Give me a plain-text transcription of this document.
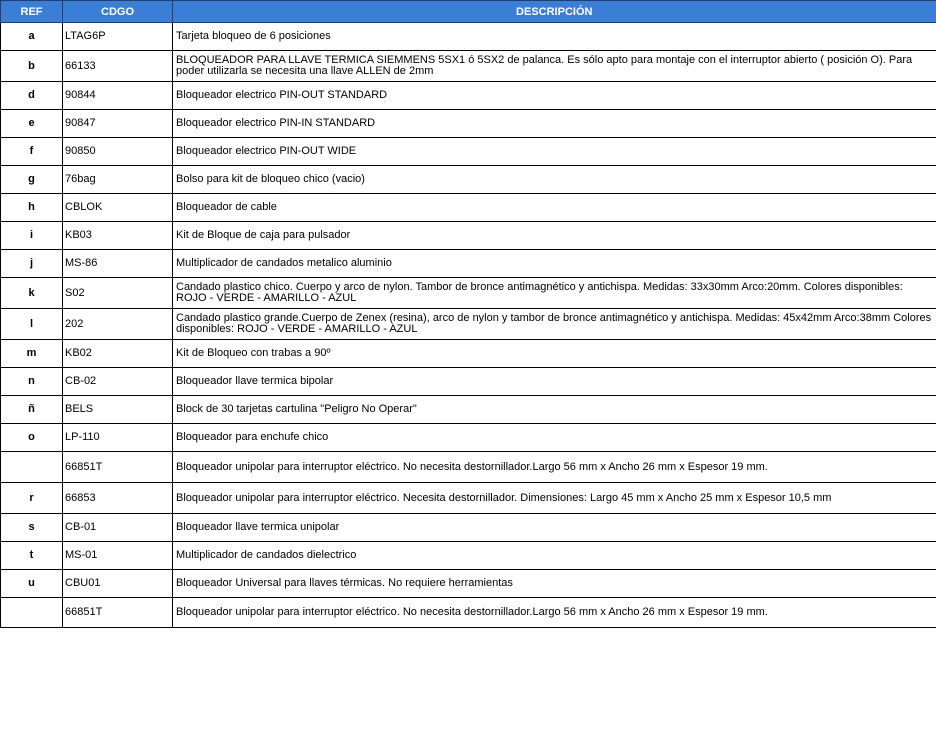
REF	CDGO	DESCRIPCIÓN
a	LTAG6P	Tarjeta bloqueo de 6 posiciones
b	66133	BLOQUEADOR PARA LLAVE TERMICA SIEMMENS 5SX1 ó 5SX2 de palanca. Es sólo apto para montaje con el interruptor abierto ( posición O). Para poder utilizarla se necesita una llave ALLEN de 2mm
d	90844	Bloqueador electrico PIN-OUT STANDARD
e	90847	Bloqueador electrico PIN-IN STANDARD
f	90850	Bloqueador electrico PIN-OUT WIDE
g	76bag	Bolso para kit de bloqueo chico (vacio)
h	CBLOK	Bloqueador de cable
i	KB03	Kit de Bloque de caja para pulsador
j	MS-86	Multiplicador de candados metalico aluminio
k	S02	Candado plastico chico. Cuerpo y arco de nylon. Tambor de bronce antimagnético y antichispa. Medidas: 33x30mm Arco:20mm. Colores disponibles: ROJO - VERDE - AMARILLO - AZUL
l	202	Candado plastico grande.Cuerpo de Zenex (resina), arco de nylon y tambor de bronce antimagnético y antichispa. Medidas: 45x42mm Arco:38mm Colores disponibles: ROJO - VERDE - AMARILLO - AZUL
m	KB02	Kit de Bloqueo con trabas a 90º
n	CB-02	Bloqueador llave termica bipolar
ñ	BELS	Block de 30 tarjetas cartulina "Peligro No Operar"
o	LP-110	Bloqueador para enchufe chico
	66851T	Bloqueador unipolar para interruptor eléctrico. No necesita destornillador.Largo 56 mm x Ancho 26 mm x Espesor 19 mm.
r	66853	Bloqueador unipolar para interruptor eléctrico. Necesita destornillador. Dimensiones: Largo 45 mm x Ancho 25 mm x Espesor 10,5 mm
s	CB-01	Bloqueador llave termica unipolar
t	MS-01	Multiplicador de candados dielectrico
u	CBU01	Bloqueador Universal para llaves térmicas. No requiere herramientas
	66851T	Bloqueador unipolar para interruptor eléctrico. No necesita destornillador.Largo 56 mm x Ancho 26 mm x Espesor 19 mm.
